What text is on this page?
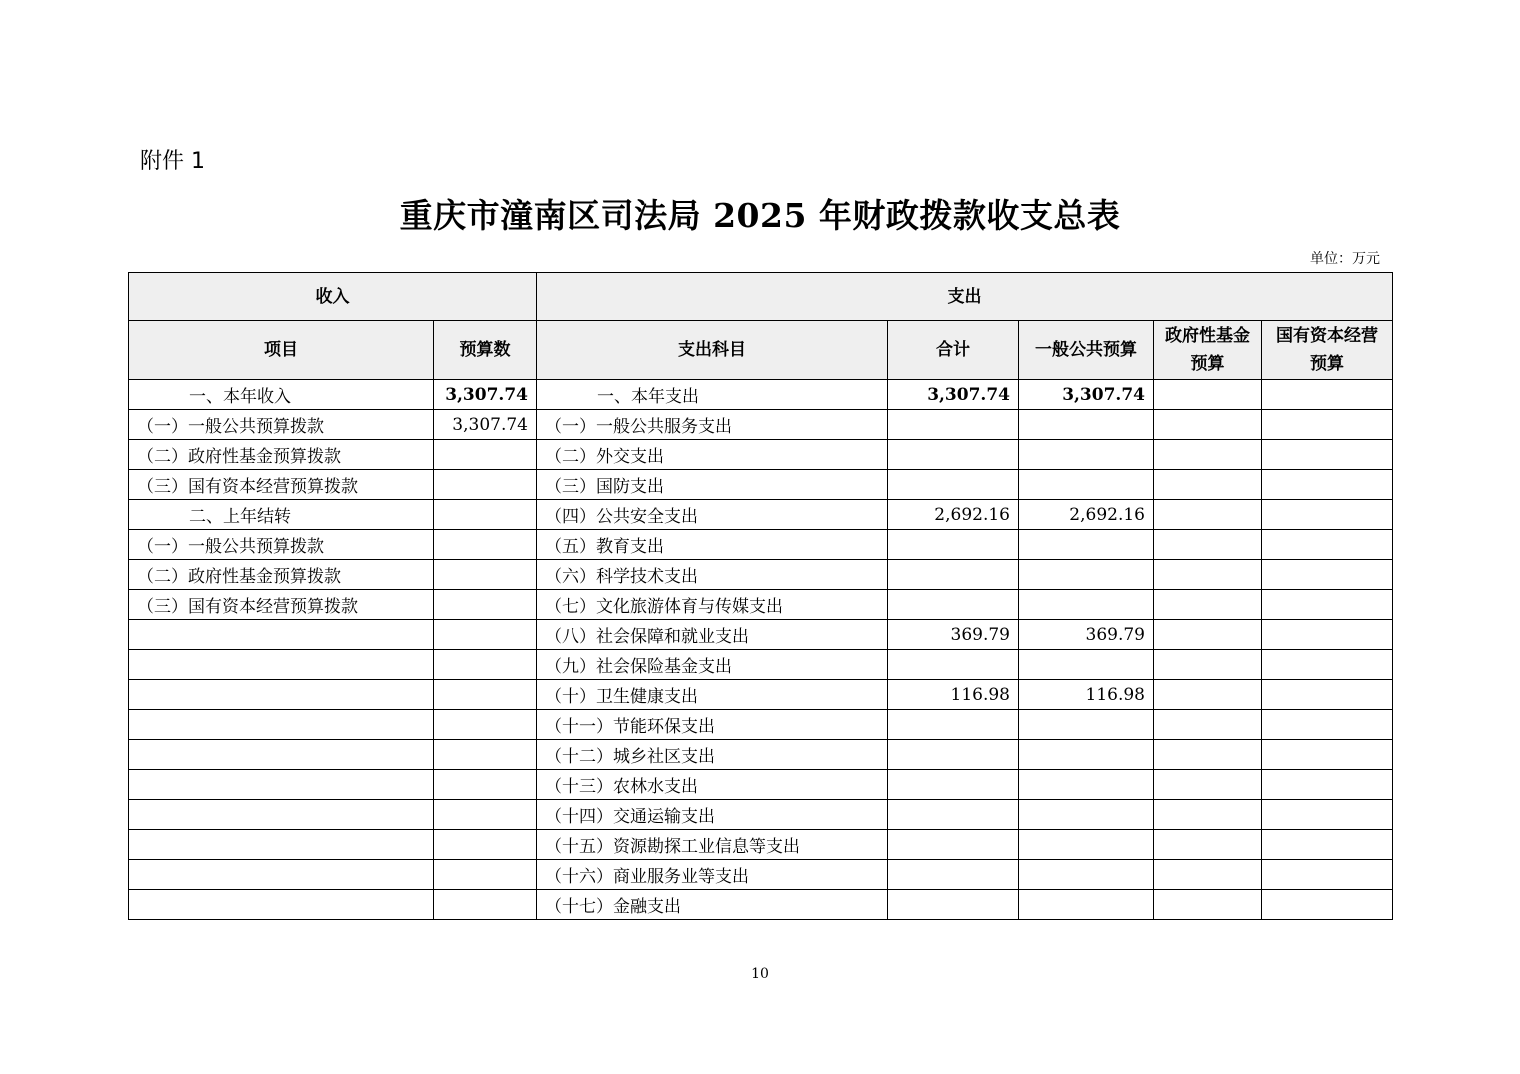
附件 1
重庆市潼南区司法局 2025 年财政拨款收支总表
单位：万元
收入		支出				
项目	预算数	支出科目	合计	一般公共预算	政府性基金预算	国有资本经营预算
一、本年收入	3,307.74	一、本年支出	3,307.74	3,307.74		
（一）一般公共预算拨款	3,307.74	（一）一般公共服务支出				
（二）政府性基金预算拨款		（二）外交支出				
（三）国有资本经营预算拨款		（三）国防支出				
二、上年结转		（四）公共安全支出	2,692.16	2,692.16		
（一）一般公共预算拨款		（五）教育支出				
（二）政府性基金预算拨款		（六）科学技术支出				
（三）国有资本经营预算拨款		（七）文化旅游体育与传媒支出				
		（八）社会保障和就业支出	369.79	369.79		
		（九）社会保险基金支出				
		（十）卫生健康支出	116.98	116.98		
		（十一）节能环保支出				
		（十二）城乡社区支出				
		（十三）农林水支出				
		（十四）交通运输支出				
		（十五）资源勘探工业信息等支出				
		（十六）商业服务业等支出				
		（十七）金融支出				
10
